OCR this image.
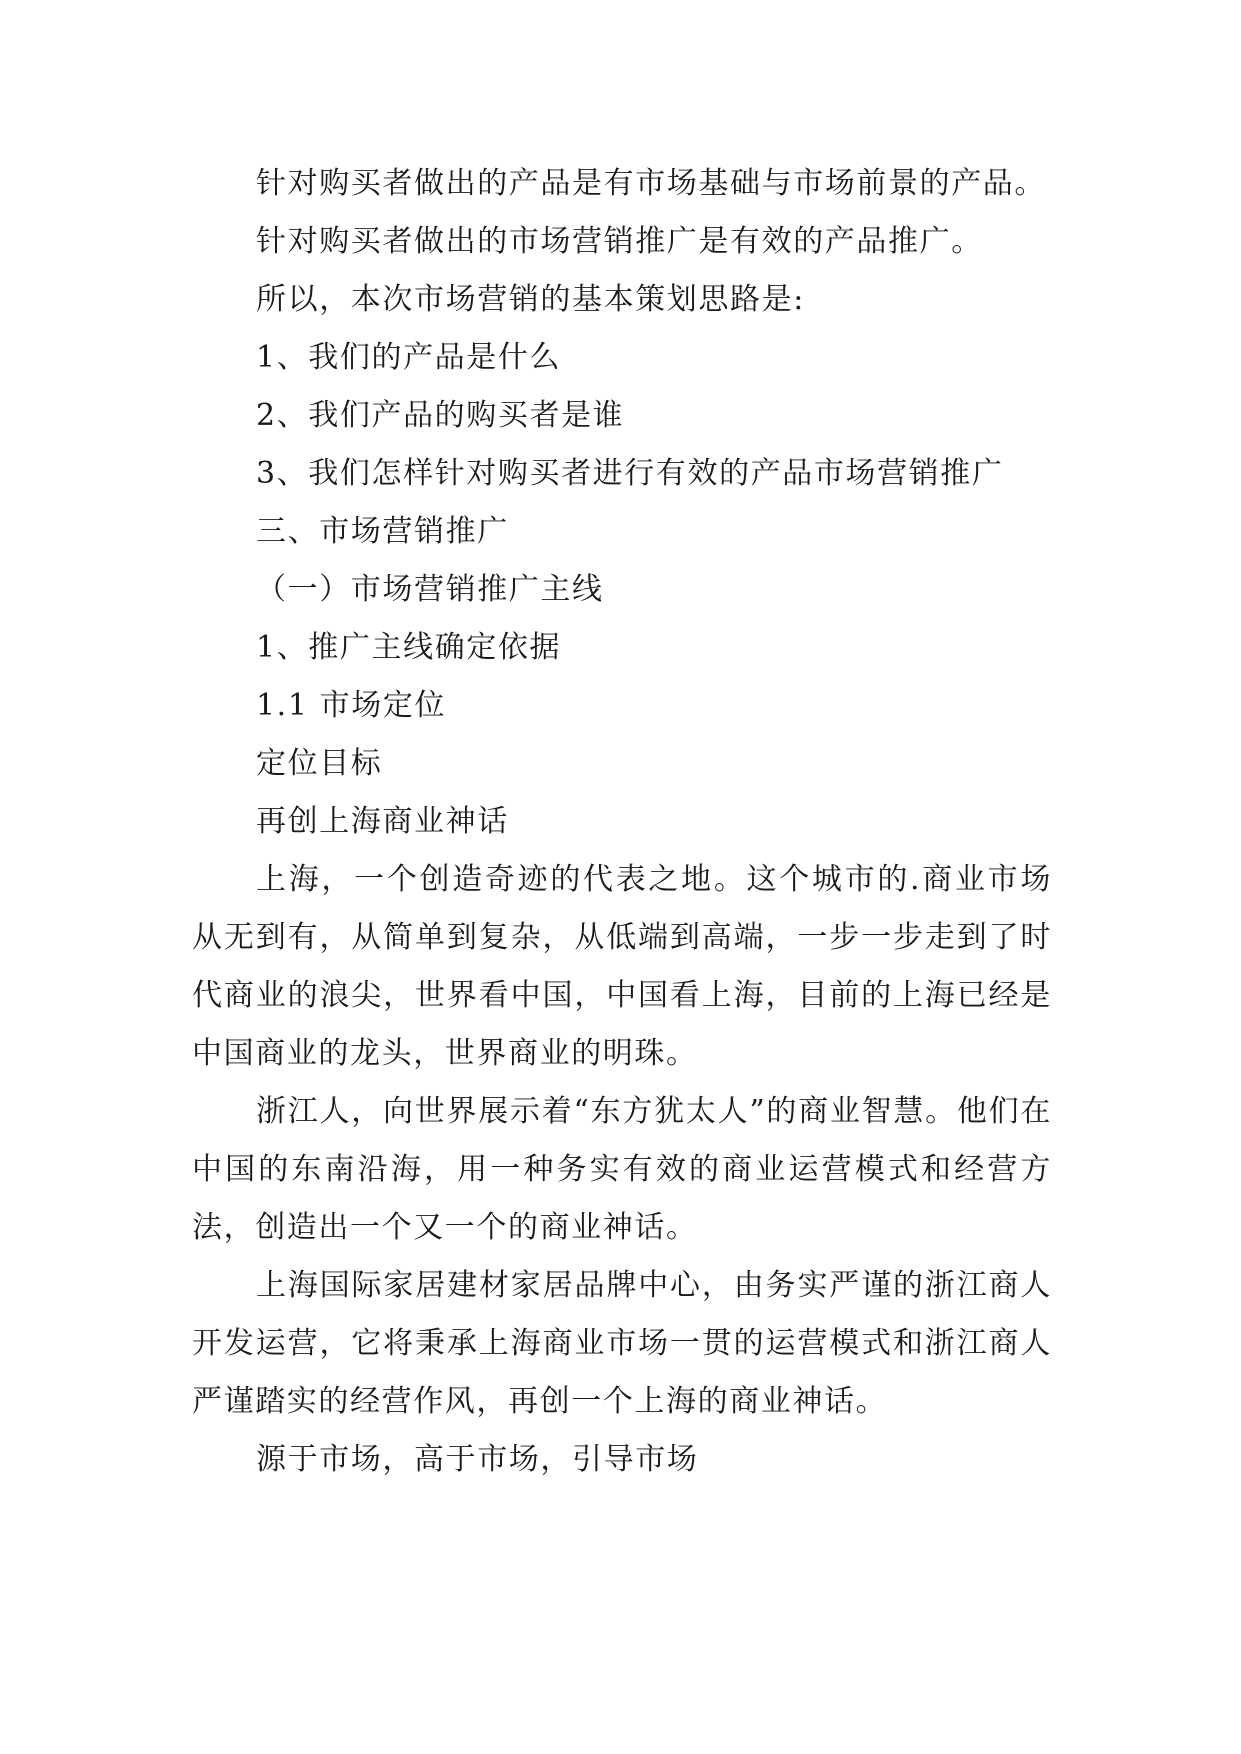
针对购买者做出的产品是有市场基础与市场前景的产品。

针对购买者做出的市场营销推广是有效的产品推广。

所以，本次市场营销的基本策划思路是:

1、我们的产品是什么

2、我们产品的购买者是谁

3、我们怎样针对购买者进行有效的产品市场营销推广

三、市场营销推广

（一）市场营销推广主线

1、推广主线确定依据

1.1 市场定位

定位目标

再创上海商业神话

上海，一个创造奇迹的代表之地。这个城市的.商业市场从无到有，从简单到复杂，从低端到高端，一步一步走到了时代商业的浪尖，世界看中国，中国看上海，目前的上海已经是中国商业的龙头，世界商业的明珠。

浙江人，向世界展示着“东方犹太人”的商业智慧。他们在中国的东南沿海，用一种务实有效的商业运营模式和经营方法，创造出一个又一个的商业神话。

上海国际家居建材家居品牌中心，由务实严谨的浙江商人开发运营，它将秉承上海商业市场一贯的运营模式和浙江商人严谨踏实的经营作风，再创一个上海的商业神话。

源于市场，高于市场，引导市场
